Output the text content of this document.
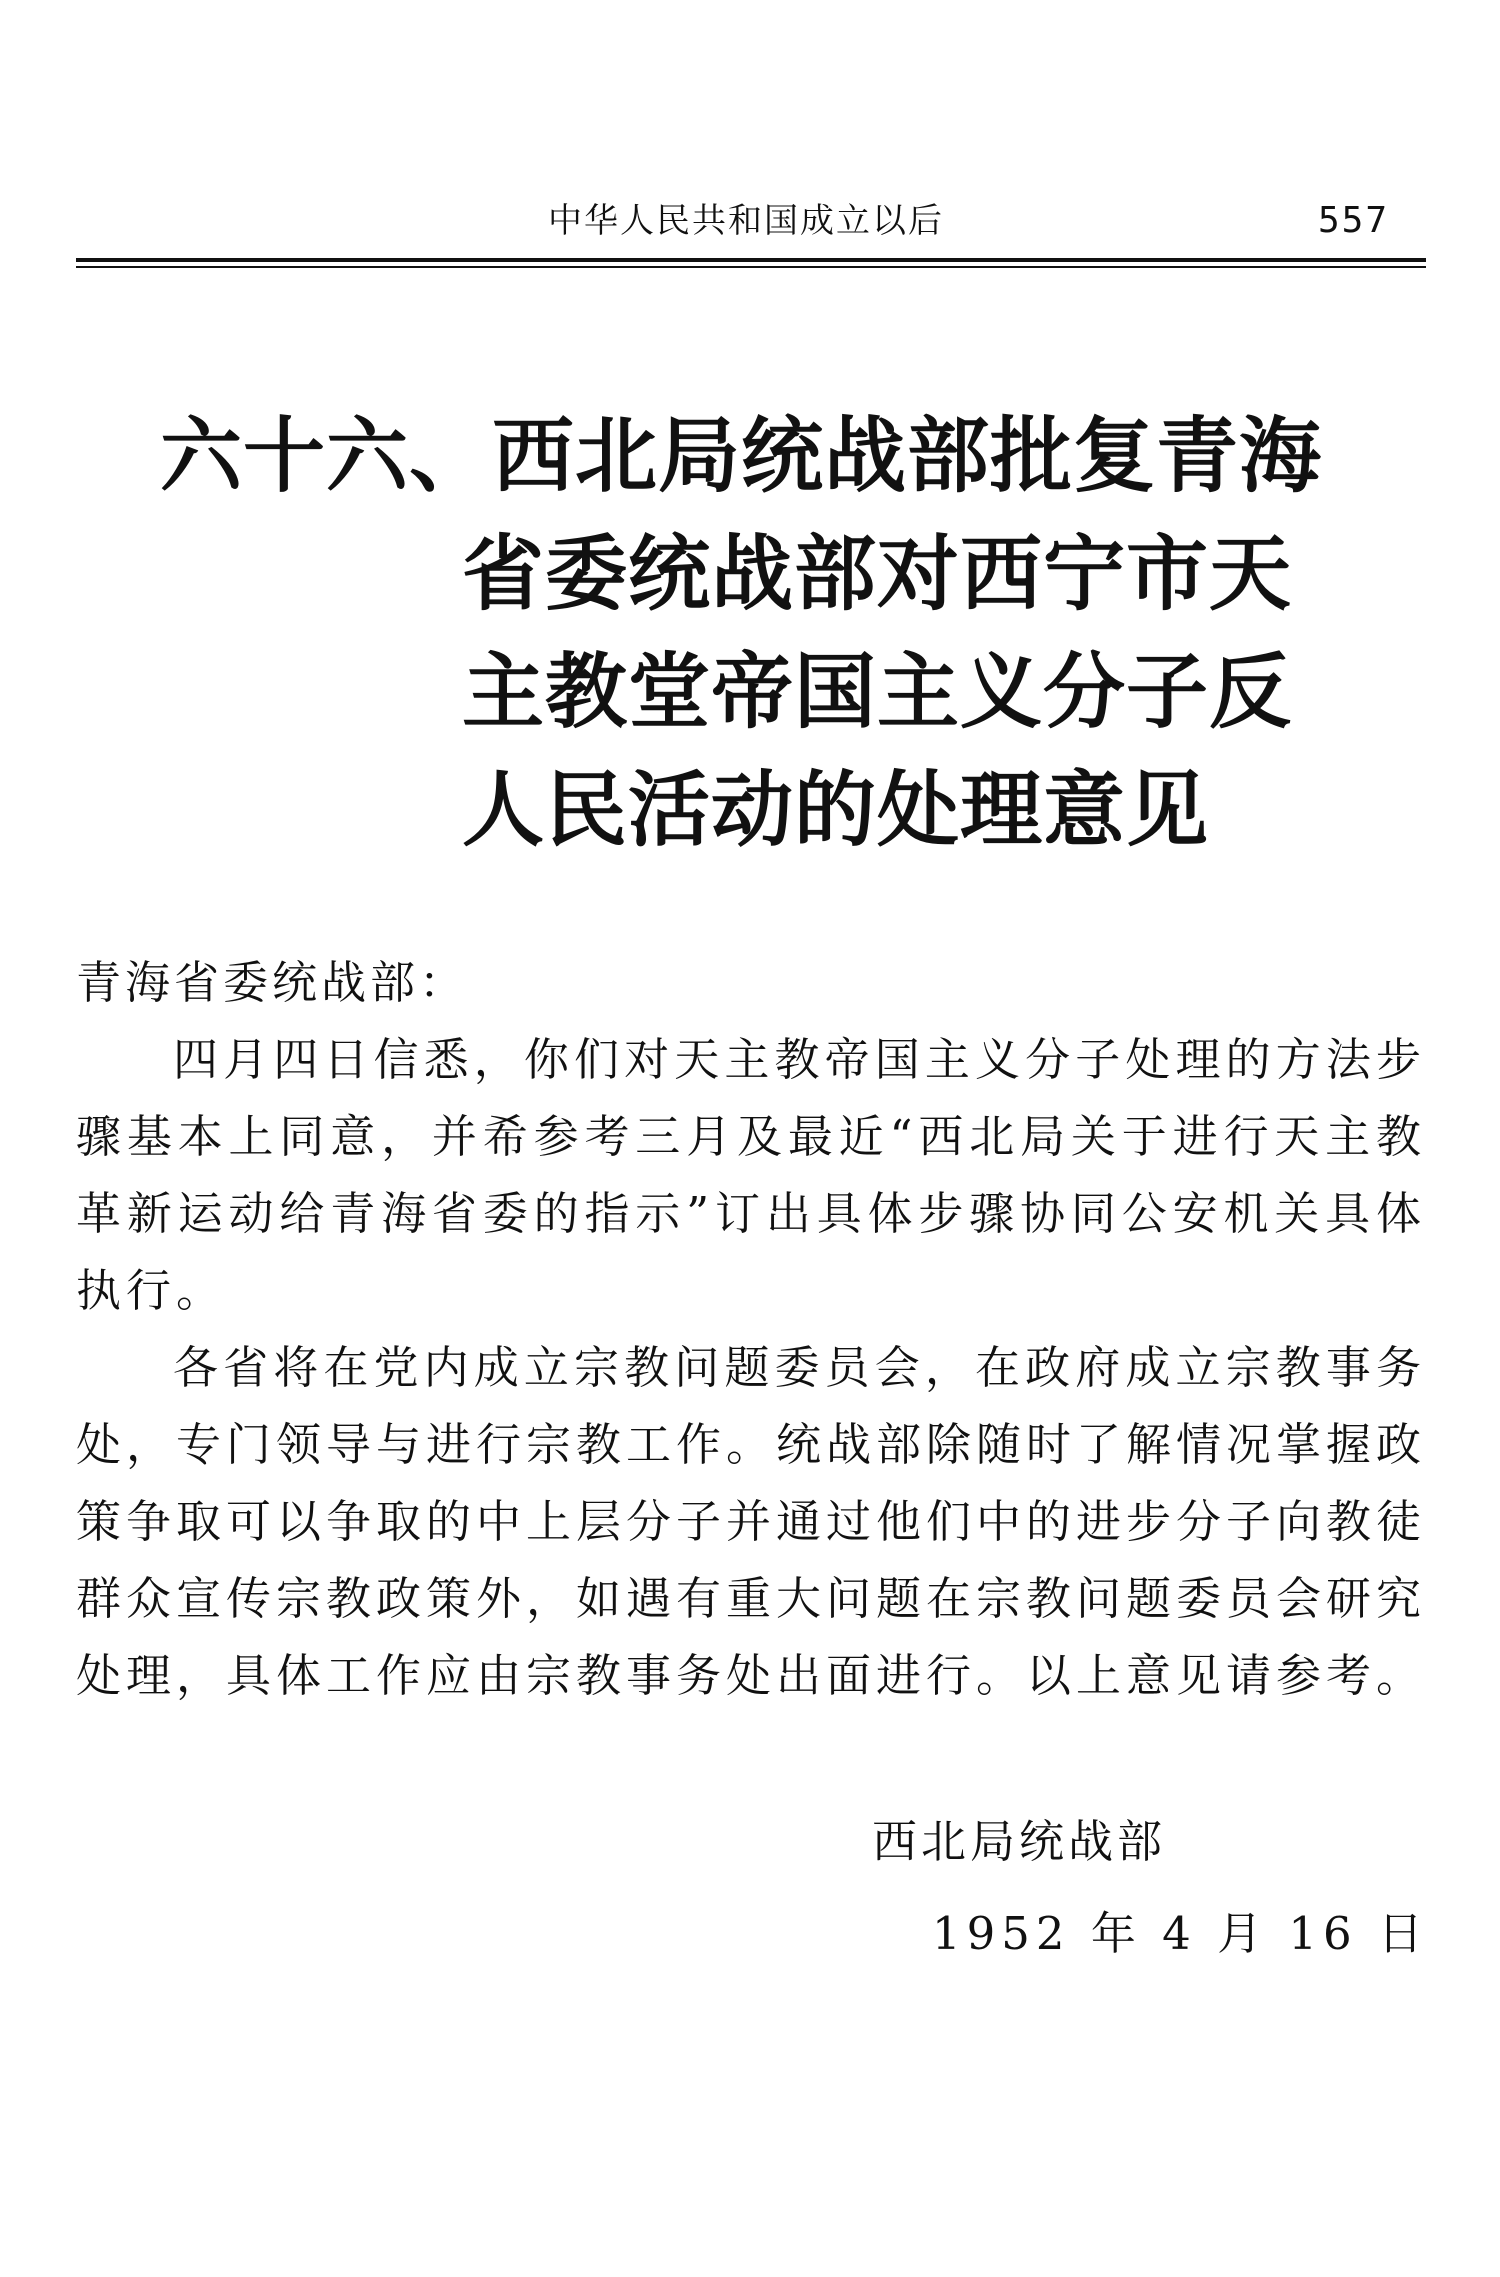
中华人民共和国成立以后	557
六十六、西北局统战部批复青海
省委统战部对西宁市天
主教堂帝国主义分子反
人民活动的处理意见

青海省委统战部：

四月四日信悉，你们对天主教帝国主义分子处理的方法步骤基本上同意，并希参考三月及最近“西北局关于进行天主教革新运动给青海省委的指示”订出具体步骤协同公安机关具体执行。

各省将在党内成立宗教问题委员会，在政府成立宗教事务处，专门领导与进行宗教工作。统战部除随时了解情况掌握政策争取可以争取的中上层分子并通过他们中的进步分子向教徒群众宣传宗教政策外，如遇有重大问题在宗教问题委员会研究处理，具体工作应由宗教事务处出面进行。以上意见请参考。

西北局统战部
1952 年 4 月 16 日
